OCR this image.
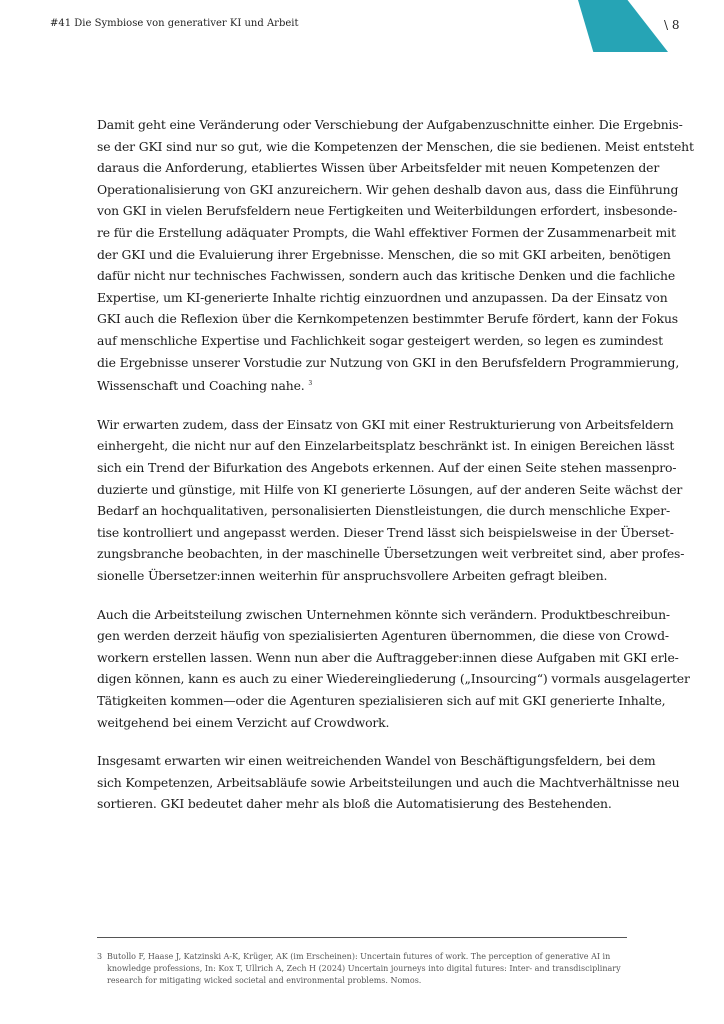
#41 Die Symbiose von generativer KI und Arbeit	\ 8
Damit geht eine Veränderung oder Verschiebung der Aufgabenzuschnitte einher. Die Ergebnis-
se der GKI sind nur so gut, wie die Kompetenzen der Menschen, die sie bedienen. Meist entsteht
daraus die Anforderung, etabliertes Wissen über Arbeitsfelder mit neuen Kompetenzen der
Operationalisierung von GKI anzureichern. Wir gehen deshalb davon aus, dass die Einführung
von GKI in vielen Berufsfeldern neue Fertigkeiten und Weiterbildungen erfordert, insbesonde-
re für die Erstellung adäquater Prompts, die Wahl effektiver Formen der Zusammenarbeit mit
der GKI und die Evaluierung ihrer Ergebnisse. Menschen, die so mit GKI arbeiten, benötigen
dafür nicht nur technisches Fachwissen, sondern auch das kritische Denken und die fachliche
Expertise, um KI-generierte Inhalte richtig einzuordnen und anzupassen. Da der Einsatz von
GKI auch die Reflexion über die Kernkompetenzen bestimmter Berufe fördert, kann der Fokus
auf menschliche Expertise und Fachlichkeit sogar gesteigert werden, so legen es zumindest
die Ergebnisse unserer Vorstudie zur Nutzung von GKI in den Berufsfeldern Programmierung,
Wissenschaft und Coaching nahe. $^3$
Wir erwarten zudem, dass der Einsatz von GKI mit einer Restrukturierung von Arbeitsfeldern
einhergeht, die nicht nur auf den Einzelarbeitsplatz beschränkt ist. In einigen Bereichen lässt
sich ein Trend der Bifurkation des Angebots erkennen. Auf der einen Seite stehen massenpro-
duzierte und günstige, mit Hilfe von KI generierte Lösungen, auf der anderen Seite wächst der
Bedarf an hochqualitativen, personalisierten Dienstleistungen, die durch menschliche Exper-
tise kontrolliert und angepasst werden. Dieser Trend lässt sich beispielsweise in der Überset-
zungsbranche beobachten, in der maschinelle Übersetzungen weit verbreitet sind, aber profes-
sionelle Übersetzer:innen weiterhin für anspruchsvollere Arbeiten gefragt bleiben.
Auch die Arbeitsteilung zwischen Unternehmen könnte sich verändern. Produktbeschreibun-
gen werden derzeit häufig von spezialisierten Agenturen übernommen, die diese von Crowd-
workern erstellen lassen. Wenn nun aber die Auftraggeber:innen diese Aufgaben mit GKI erle-
digen können, kann es auch zu einer Wiedereingliederung („Insourcing“) vormals ausgelagerter
Tätigkeiten kommen—oder die Agenturen spezialisieren sich auf mit GKI generierte Inhalte,
weitgehend bei einem Verzicht auf Crowdwork.
Insgesamt erwarten wir einen weitreichenden Wandel von Beschäftigungsfeldern, bei dem
sich Kompetenzen, Arbeitsabläufe sowie Arbeitsteilungen und auch die Machtverhältnisse neu
sortieren. GKI bedeutet daher mehr als bloß die Automatisierung des Bestehenden.
3 Butollo F, Haase J, Katzinski A-K, Krüger, AK (im Erscheinen): Uncertain futures of work. The perception of generative AI in knowledge professions, In: Kox T, Ullrich A, Zech H (2024) Uncertain journeys into digital futures: Inter- and transdisciplinary research for mitigating wicked societal and environmental problems. Nomos.
